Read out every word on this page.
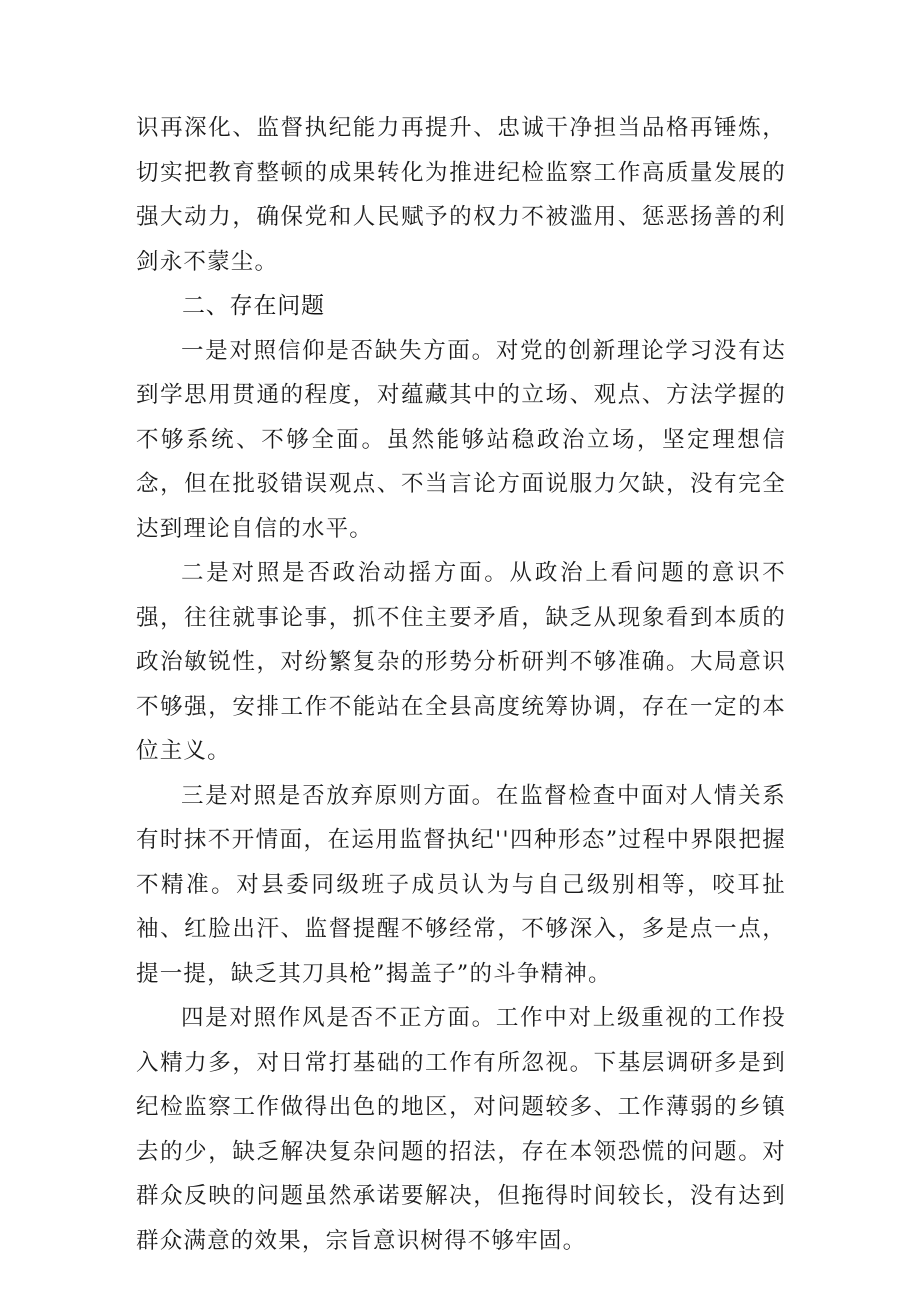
识再深化、监督执纪能力再提升、忠诚干净担当品格再锤炼，切实把教育整顿的成果转化为推进纪检监察工作高质量发展的强大动力，确保党和人民赋予的权力不被滥用、惩恶扬善的利剑永不蒙尘。

二、存在问题

一是对照信仰是否缺失方面。对党的创新理论学习没有达到学思用贯通的程度，对蕴藏其中的立场、观点、方法学握的不够系统、不够全面。虽然能够站稳政治立场，坚定理想信念，但在批驳错误观点、不当言论方面说服力欠缺，没有完全达到理论自信的水平。

二是对照是否政治动摇方面。从政治上看问题的意识不强，往往就事论事，抓不住主要矛盾，缺乏从现象看到本质的政治敏锐性，对纷繁复杂的形势分析研判不够准确。大局意识不够强，安排工作不能站在全县高度统筹协调，存在一定的本位主义。

三是对照是否放弃原则方面。在监督检查中面对人情关系有时抹不开情面，在运用监督执纪''四种形态”过程中界限把握不精准。对县委同级班子成员认为与自己级别相等，咬耳扯袖、红脸出汗、监督提醒不够经常，不够深入，多是点一点，提一提，缺乏其刀具枪”揭盖子”的斗争精神。

四是对照作风是否不正方面。工作中对上级重视的工作投入精力多，对日常打基础的工作有所忽视。下基层调研多是到纪检监察工作做得出色的地区，对问题较多、工作薄弱的乡镇去的少，缺乏解决复杂问题的招法，存在本领恐慌的问题。对群众反映的问题虽然承诺要解决，但拖得时间较长，没有达到群众满意的效果，宗旨意识树得不够牢固。
